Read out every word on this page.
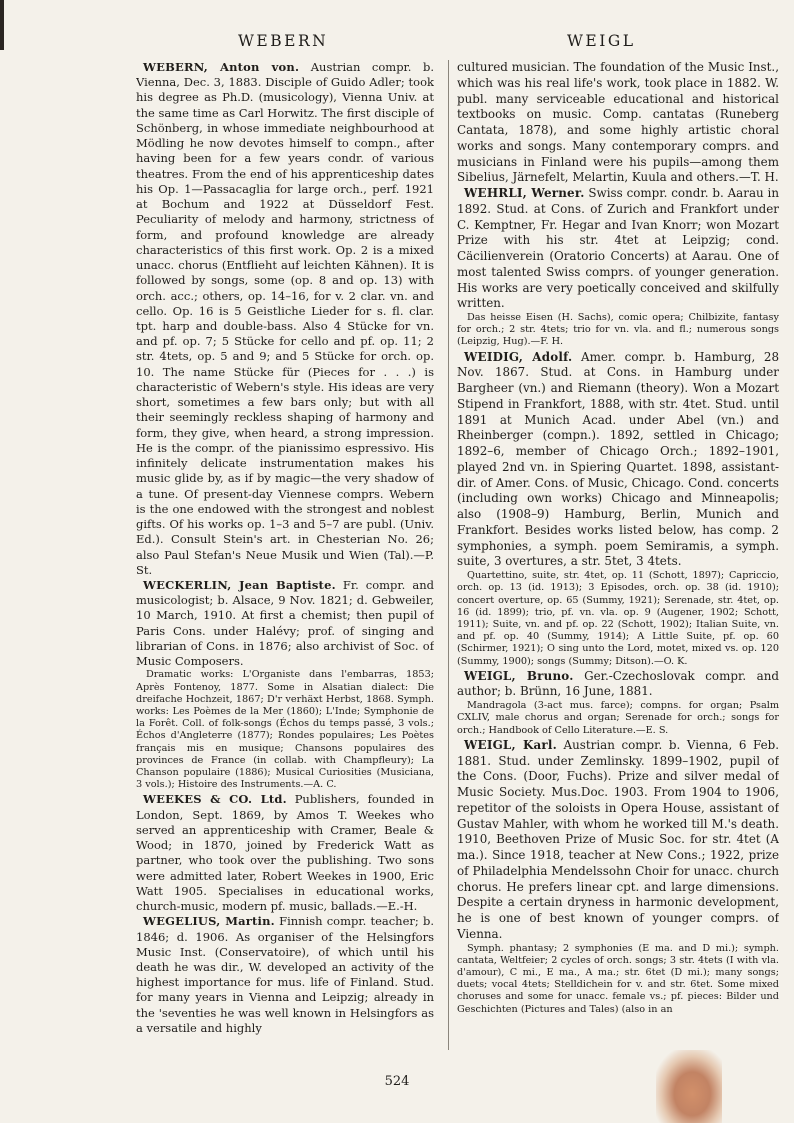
WEBERN	WEIGL

WEBERN, Anton von. Austrian compr. b. Vienna, Dec. 3, 1883. Disciple of Guido Adler; took his degree as Ph.D. (musicology), Vienna Univ. at the same time as Carl Horwitz. The first disciple of Schönberg, in whose immediate neighbourhood at Mödling he now devotes himself to compn., after having been for a few years condr. of various theatres. From the end of his apprenticeship dates his Op. 1—Passacaglia for large orch., perf. 1921 at Bochum and 1922 at Düsseldorf Fest. Peculiarity of melody and harmony, strictness of form, and profound knowledge are already characteristics of this first work. Op. 2 is a mixed unacc. chorus (Entflieht auf leichten Kähnen). It is followed by songs, some (op. 8 and op. 13) with orch. acc.; others, op. 14–16, for v. 2 clar. vn. and cello. Op. 16 is 5 Geistliche Lieder for s. fl. clar. tpt. harp and double-bass. Also 4 Stücke for vn. and pf. op. 7; 5 Stücke for cello and pf. op. 11; 2 str. 4tets, op. 5 and 9; and 5 Stücke for orch. op. 10. The name Stücke für (Pieces for . . .) is characteristic of Webern's style. His ideas are very short, sometimes a few bars only; but with all their seemingly reckless shaping of harmony and form, they give, when heard, a strong impression. He is the compr. of the pianissimo espressivo. His infinitely delicate instrumentation makes his music glide by, as if by magic—the very shadow of a tune. Of present-day Viennese comprs. Webern is the one endowed with the strongest and noblest gifts. Of his works op. 1–3 and 5–7 are publ. (Univ. Ed.). Consult Stein's art. in Chesterian No. 26; also Paul Stefan's Neue Musik und Wien (Tal).—P. St.

WECKERLIN, Jean Baptiste. Fr. compr. and musicologist; b. Alsace, 9 Nov. 1821; d. Gebweiler, 10 March, 1910. At first a chemist; then pupil of Paris Cons. under Halévy; prof. of singing and librarian of Cons. in 1876; also archivist of Soc. of Music Composers.

Dramatic works: L'Organiste dans l'embarras, 1853; Après Fontenoy, 1877. Some in Alsatian dialect: Die dreifache Hochzeit, 1867; D'r verhäxt Herbst, 1868. Symph. works: Les Poèmes de la Mer (1860); L'Inde; Symphonie de la Forêt. Coll. of folk-songs (Échos du temps passé, 3 vols.; Échos d'Angleterre (1877); Rondes populaires; Les Poètes français mis en musique; Chansons populaires des provinces de France (in collab. with Champfleury); La Chanson populaire (1886); Musical Curiosities (Musiciana, 3 vols.); Histoire des Instruments.—A. C.

WEEKES & CO. Ltd. Publishers, founded in London, Sept. 1869, by Amos T. Weekes who served an apprenticeship with Cramer, Beale & Wood; in 1870, joined by Frederick Watt as partner, who took over the publishing. Two sons were admitted later, Robert Weekes in 1900, Eric Watt 1905. Specialises in educational works, church-music, modern pf. music, ballads.—E.-H.

WEGELIUS, Martin. Finnish compr. teacher; b. 1846; d. 1906. As organiser of the Helsingfors Music Inst. (Conservatoire), of which until his death he was dir., W. developed an activity of the highest importance for mus. life of Finland. Stud. for many years in Vienna and Leipzig; already in the 'seventies he was well known in Helsingfors as a versatile and highly

cultured musician. The foundation of the Music Inst., which was his real life's work, took place in 1882. W. publ. many serviceable educational and historical textbooks on music. Comp. cantatas (Runeberg Cantata, 1878), and some highly artistic choral works and songs. Many contemporary comprs. and musicians in Finland were his pupils—among them Sibelius, Järnefelt, Melartin, Kuula and others.—T. H.

WEHRLI, Werner. Swiss compr. condr. b. Aarau in 1892. Stud. at Cons. of Zurich and Frankfort under C. Kemptner, Fr. Hegar and Ivan Knorr; won Mozart Prize with his str. 4tet at Leipzig; cond. Cäcilienverein (Oratorio Concerts) at Aarau. One of most talented Swiss comprs. of younger generation. His works are very poetically conceived and skilfully written.

Das heisse Eisen (H. Sachs), comic opera; Chilbizite, fantasy for orch.; 2 str. 4tets; trio for vn. vla. and fl.; numerous songs (Leipzig, Hug).—F. H.

WEIDIG, Adolf. Amer. compr. b. Hamburg, 28 Nov. 1867. Stud. at Cons. in Hamburg under Bargheer (vn.) and Riemann (theory). Won a Mozart Stipend in Frankfort, 1888, with str. 4tet. Stud. until 1891 at Munich Acad. under Abel (vn.) and Rheinberger (compn.). 1892, settled in Chicago; 1892–6, member of Chicago Orch.; 1892–1901, played 2nd vn. in Spiering Quartet. 1898, assistant-dir. of Amer. Cons. of Music, Chicago. Cond. concerts (including own works) Chicago and Minneapolis; also (1908–9) Hamburg, Berlin, Munich and Frankfort. Besides works listed below, has comp. 2 symphonies, a symph. poem Semiramis, a symph. suite, 3 overtures, a str. 5tet, 3 4tets.

Quartettino, suite, str. 4tet, op. 11 (Schott, 1897); Capriccio, orch. op. 13 (id. 1913); 3 Episodes, orch. op. 38 (id. 1910); concert overture, op. 65 (Summy, 1921); Serenade, str. 4tet, op. 16 (id. 1899); trio, pf. vn. vla. op. 9 (Augener, 1902; Schott, 1911); Suite, vn. and pf. op. 22 (Schott, 1902); Italian Suite, vn. and pf. op. 40 (Summy, 1914); A Little Suite, pf. op. 60 (Schirmer, 1921); O sing unto the Lord, motet, mixed vs. op. 120 (Summy, 1900); songs (Summy; Ditson).—O. K.

WEIGL, Bruno. Ger.-Czechoslovak compr. and author; b. Brünn, 16 June, 1881.

Mandragola (3-act mus. farce); compns. for organ; Psalm CXLIV, male chorus and organ; Serenade for orch.; songs for orch.; Handbook of Cello Literature.—E. S.

WEIGL, Karl. Austrian compr. b. Vienna, 6 Feb. 1881. Stud. under Zemlinsky. 1899–1902, pupil of the Cons. (Door, Fuchs). Prize and silver medal of Music Society. Mus.Doc. 1903. From 1904 to 1906, repetitor of the soloists in Opera House, assistant of Gustav Mahler, with whom he worked till M.'s death. 1910, Beethoven Prize of Music Soc. for str. 4tet (A ma.). Since 1918, teacher at New Cons.; 1922, prize of Philadelphia Mendelssohn Choir for unacc. church chorus. He prefers linear cpt. and large dimensions. Despite a certain dryness in harmonic development, he is one of best known of younger comprs. of Vienna.

Symph. phantasy; 2 symphonies (E ma. and D mi.); symph. cantata, Weltfeier; 2 cycles of orch. songs; 3 str. 4tets (I with vla. d'amour), C mi., E ma., A ma.; str. 6tet (D mi.); many songs; duets; vocal 4tets; Stelldichein for v. and str. 6tet. Some mixed choruses and some for unacc. female vs.; pf. pieces: Bilder und Geschichten (Pictures and Tales) (also in an

524
